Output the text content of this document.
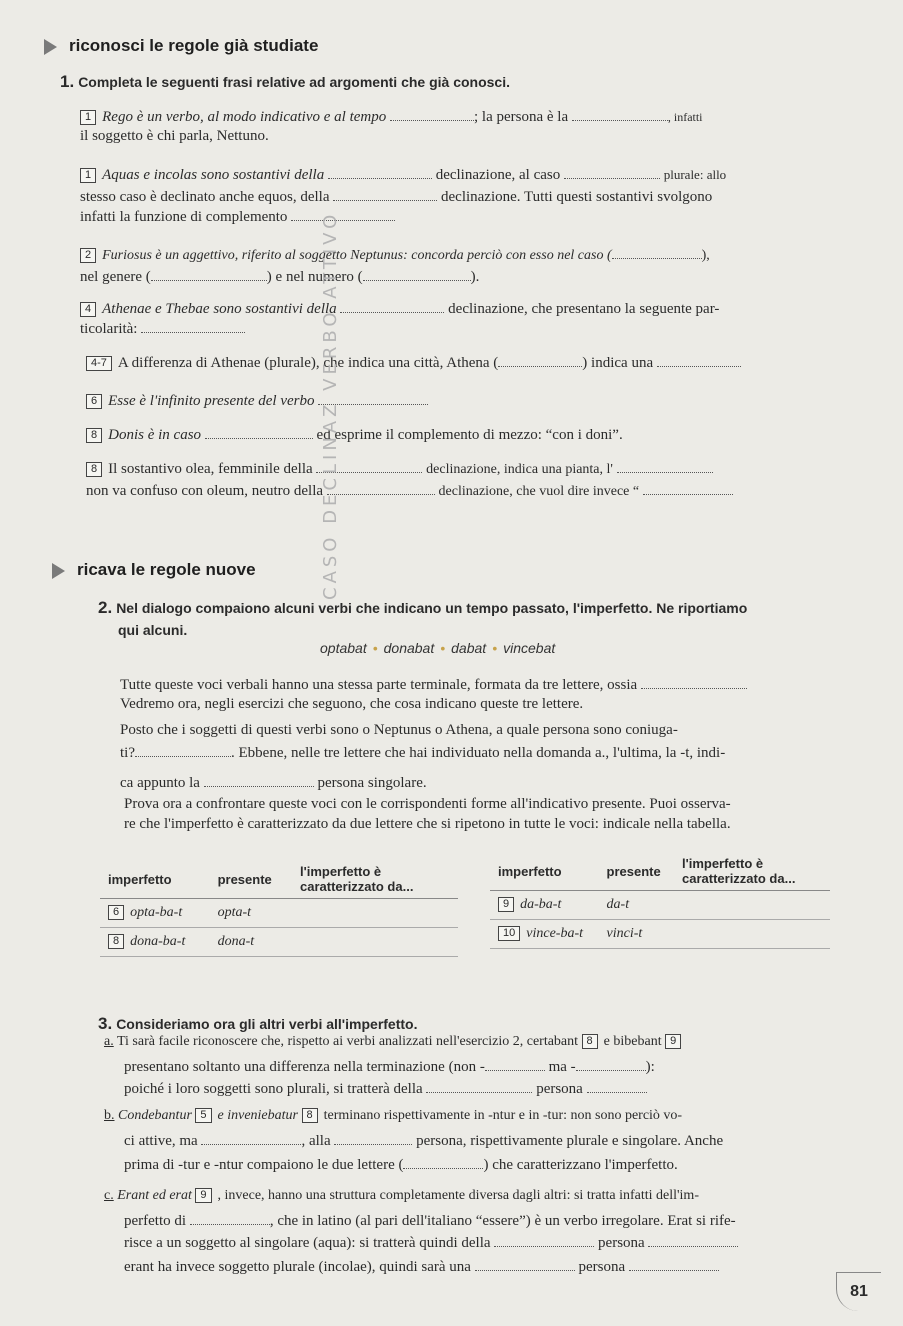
riconosci le regole già studiate
1. Completa le seguenti frasi relative ad argomenti che già conosci.
1 Rego è un verbo, al modo indicativo e al tempo	; la persona è la	, infatti
il soggetto è chi parla, Nettuno.
1 Aquas e incolas sono sostantivi della	declinazione, al caso	plurale: allo
stesso caso è declinato anche equos, della	declinazione. Tutti questi sostantivi svolgono
infatti la funzione di complemento
2 Furiosus è un aggettivo, riferito al soggetto Neptunus: concorda perciò con esso nel caso (	),
nel genere (	) e nel numero (	).
4 Athenae e Thebae sono sostantivi della	declinazione, che presentano la seguente par-
ticolarità:
4-7 A differenza di Athenae (plurale), che indica una città, Athena (	) indica una
6 Esse è l'infinito presente del verbo
8 Donis è in caso	ed esprime il complemento di mezzo: “con i doni”.
8 Il sostantivo olea, femminile della	declinazione, indica una pianta, l'
non va confuso con oleum, neutro della	declinazione, che vuol dire invece “
ricava le regole nuove	CASO DECLINAZ VERBO ATTIVO
2. Nel dialogo compaiono alcuni verbi che indicano un tempo passato, l'imperfetto. Ne riportiamo
qui alcuni.
optabat • donabat • dabat • vincebat
Tutte queste voci verbali hanno una stessa parte terminale, formata da tre lettere, ossia
Vedremo ora, negli esercizi che seguono, che cosa indicano queste tre lettere.
Posto che i soggetti di questi verbi sono o Neptunus o Athena, a quale persona sono coniuga-
ti?	. Ebbene, nelle tre lettere che hai individuato nella domanda a., l'ultima, la -t, indi-
ca appunto la	persona singolare.
Prova ora a confrontare queste voci con le corrispondenti forme all'indicativo presente. Puoi osserva-
re che l'imperfetto è caratterizzato da due lettere che si ripetono in tutte le voci: indicale nella tabella.
imperfetto	presente	l'imperfetto è caratterizzato da...
6 opta-ba-t	opta-t	
8 dona-ba-t	dona-t	
imperfetto	presente	l'imperfetto è caratterizzato da...
9 da-ba-t	da-t	
10 vince-ba-t	vinci-t	
3. Consideriamo ora gli altri verbi all'imperfetto.
a. Ti sarà facile riconoscere che, rispetto ai verbi analizzati nell'esercizio 2, certabant 8 e bibebant 9
presentano soltanto una differenza nella terminazione (non -	ma -	):
poiché i loro soggetti sono plurali, si tratterà della	persona
b. Condebantur 5 e inveniebatur 8 terminano rispettivamente in -ntur e in -tur: non sono perciò vo-
ci attive, ma	, alla	persona, rispettivamente plurale e singolare. Anche
prima di -tur e -ntur compaiono le due lettere (	) che caratterizzano l'imperfetto.
c. Erant ed erat 9 , invece, hanno una struttura completamente diversa dagli altri: si tratta infatti dell'im-
perfetto di	, che in latino (al pari dell'italiano “essere”) è un verbo irregolare. Erat si rife-
risce a un soggetto al singolare (aqua): si tratterà quindi della	persona
erant ha invece soggetto plurale (incolae), quindi sarà una	persona
81
